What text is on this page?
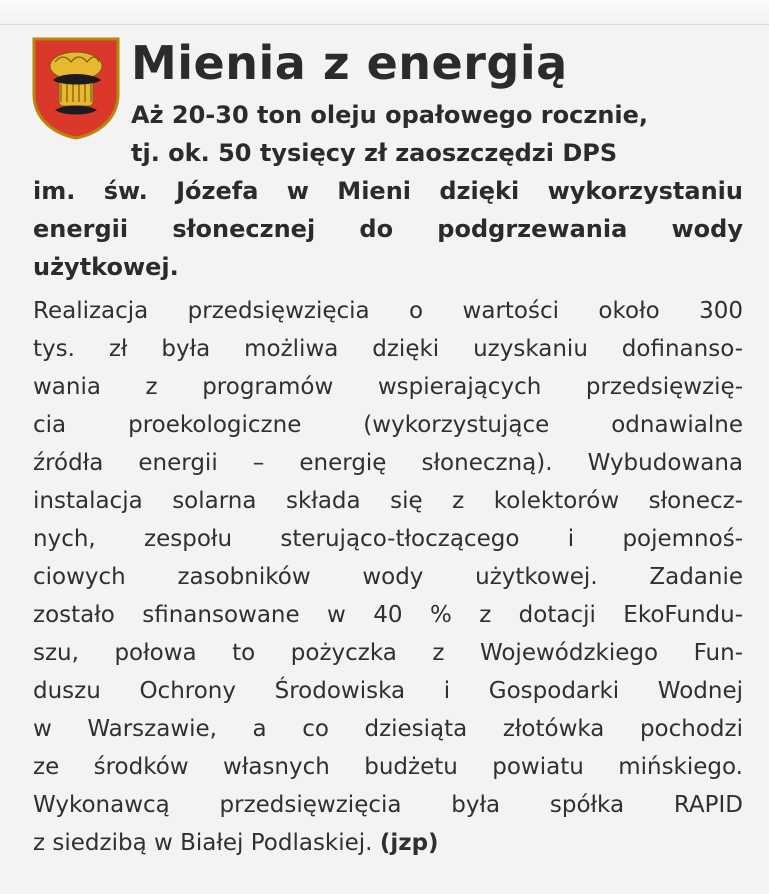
Mienia z energią

Aż 20-30 ton oleju opałowego rocznie,
tj. ok. 50 tysięcy zł zaoszczędzi DPS
im. św. Józefa w Mieni dzięki wykorzystaniu
energii słonecznej do podgrzewania wody
użytkowej.

Realizacja przedsięwzięcia o wartości około 300
tys. zł była możliwa dzięki uzyskaniu dofinanso-
wania z programów wspierających przedsięwzię-
cia proekologiczne (wykorzystujące odnawialne
źródła energii – energię słoneczną). Wybudowana
instalacja solarna składa się z kolektorów słonecz-
nych, zespołu sterująco-tłoczącego i pojemnoś-
ciowych zasobników wody użytkowej. Zadanie
zostało sfinansowane w 40 % z dotacji EkoFundu-
szu, połowa to pożyczka z Wojewódzkiego Fun-
duszu Ochrony Środowiska i Gospodarki Wodnej
w Warszawie, a co dziesiąta złotówka pochodzi
ze środków własnych budżetu powiatu mińskiego.
Wykonawcą przedsięwzięcia była spółka RAPID
z siedzibą w Białej Podlaskiej. (jzp)
